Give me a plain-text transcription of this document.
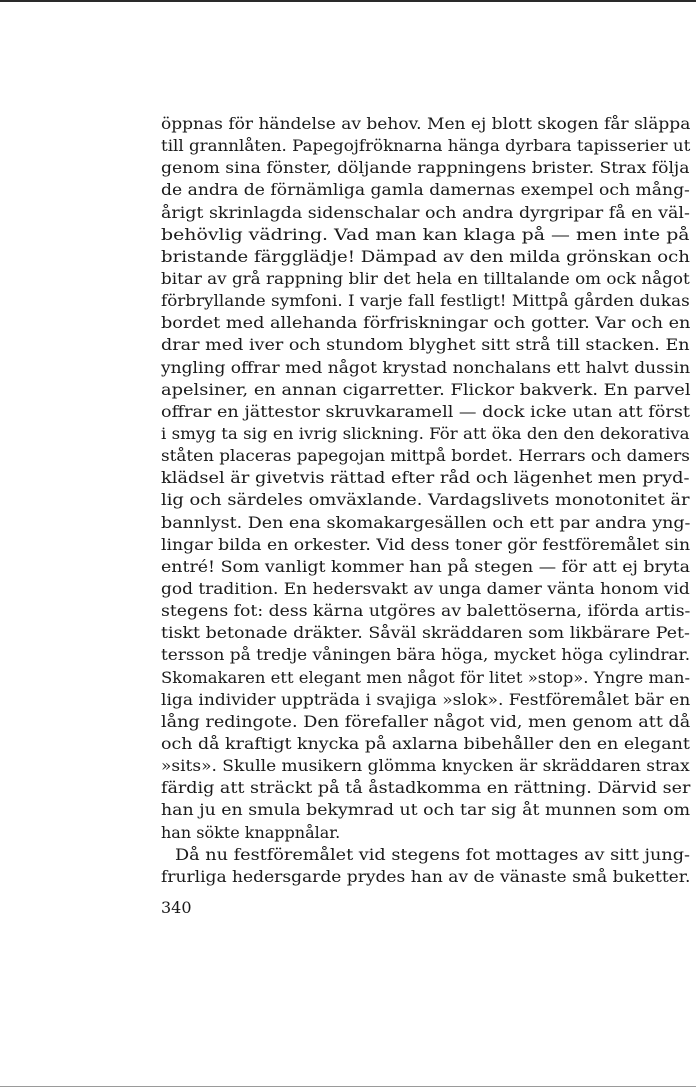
öppnas för händelse av behov. Men ej blott skogen får släppa
till grannlåten. Papegojfröknarna hänga dyrbara tapisserier ut
genom sina fönster, döljande rappningens brister. Strax följa
de andra de förnämliga gamla damernas exempel och mång-
årigt skrinlagda sidenschalar och andra dyrgripar få en väl-
behövlig vädring. Vad man kan klaga på — men inte på
bristande färgglädje! Dämpad av den milda grönskan och
bitar av grå rappning blir det hela en tilltalande om ock något
förbryllande symfoni. I varje fall festligt! Mittpå gården dukas
bordet med allehanda förfriskningar och gotter. Var och en
drar med iver och stundom blyghet sitt strå till stacken. En
yngling offrar med något krystad nonchalans ett halvt dussin
apelsiner, en annan cigarretter. Flickor bakverk. En parvel
offrar en jättestor skruvkaramell — dock icke utan att först
i smyg ta sig en ivrig slickning. För att öka den den dekorativa
ståten placeras papegojan mittpå bordet. Herrars och damers
klädsel är givetvis rättad efter råd och lägenhet men pryd-
lig och särdeles omväxlande. Vardagslivets monotonitet är
bannlyst. Den ena skomakargesällen och ett par andra yng-
lingar bilda en orkester. Vid dess toner gör festföremålet sin
entré! Som vanligt kommer han på stegen — för att ej bryta
god tradition. En hedersvakt av unga damer vänta honom vid
stegens fot: dess kärna utgöres av balettöserna, iförda artis-
tiskt betonade dräkter. Såväl skräddaren som likbärare Pet-
tersson på tredje våningen bära höga, mycket höga cylindrar.
Skomakaren ett elegant men något för litet »stop». Yngre man-
liga individer uppträda i svajiga »slok». Festföremålet bär en
lång redingote. Den förefaller något vid, men genom att då
och då kraftigt knycka på axlarna bibehåller den en elegant
»sits». Skulle musikern glömma knycken är skräddaren strax
färdig att sträckt på tå åstadkomma en rättning. Därvid ser
han ju en smula bekymrad ut och tar sig åt munnen som om
han sökte knappnålar.
Då nu festföremålet vid stegens fot mottages av sitt jung-
frurliga hedersgarde prydes han av de vänaste små buketter.
340
